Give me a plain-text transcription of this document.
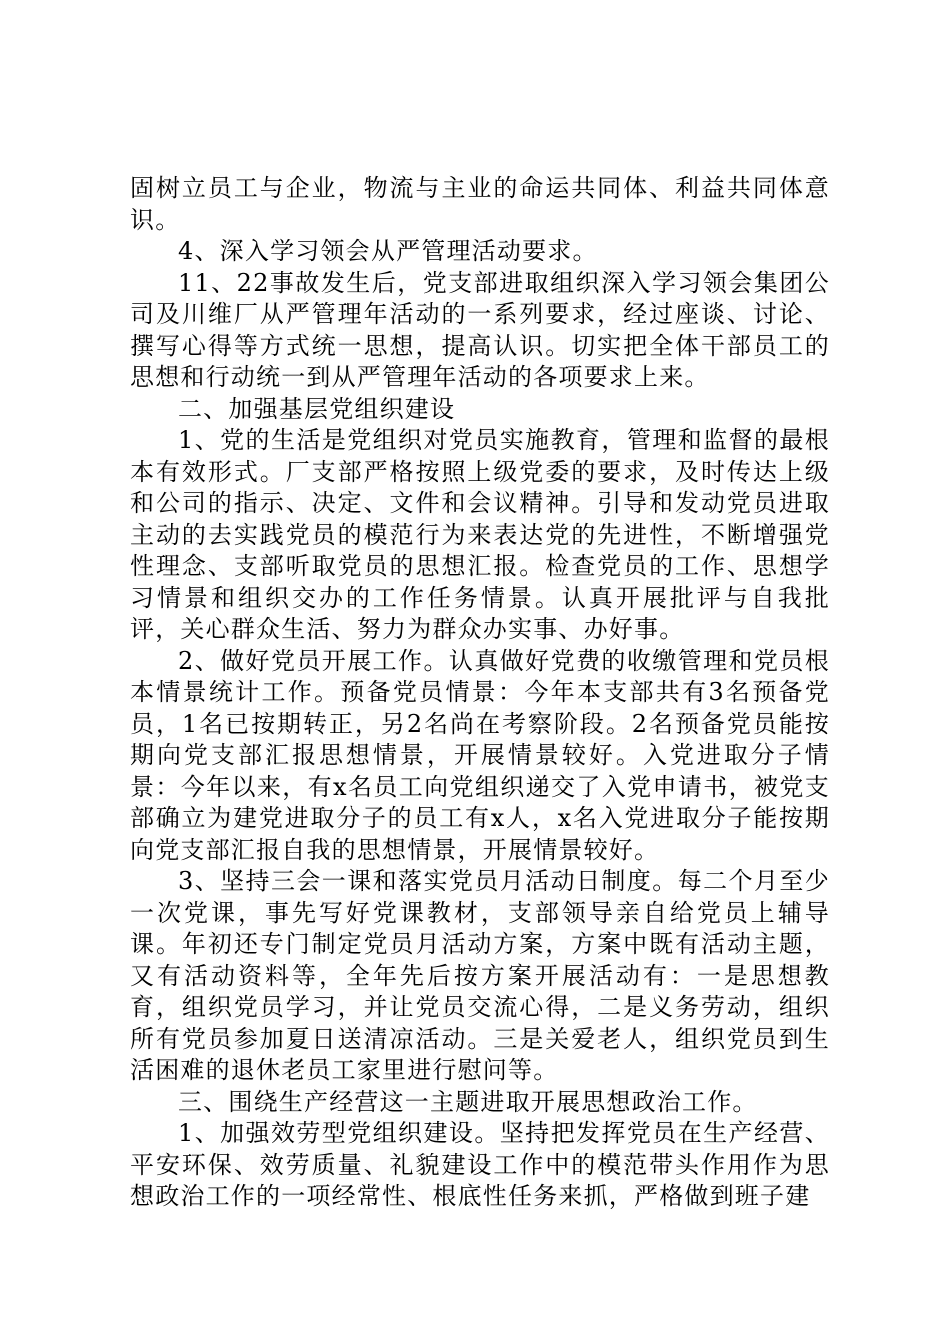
固树立员工与企业，物流与主业的命运共同体、利益共同体意识。

4、深入学习领会从严管理活动要求。

11、22事故发生后，党支部进取组织深入学习领会集团公司及川维厂从严管理年活动的一系列要求，经过座谈、讨论、撰写心得等方式统一思想，提高认识。切实把全体干部员工的思想和行动统一到从严管理年活动的各项要求上来。

二、加强基层党组织建设

1、党的生活是党组织对党员实施教育，管理和监督的最根本有效形式。厂支部严格按照上级党委的要求，及时传达上级和公司的指示、决定、文件和会议精神。引导和发动党员进取主动的去实践党员的模范行为来表达党的先进性，不断增强党性理念、支部听取党员的思想汇报。检查党员的工作、思想学习情景和组织交办的工作任务情景。认真开展批评与自我批评，关心群众生活、努力为群众办实事、办好事。

2、做好党员开展工作。认真做好党费的收缴管理和党员根本情景统计工作。预备党员情景：今年本支部共有3名预备党员，1名已按期转正，另2名尚在考察阶段。2名预备党员能按期向党支部汇报思想情景，开展情景较好。入党进取分子情景：今年以来，有x名员工向党组织递交了入党申请书，被党支部确立为建党进取分子的员工有x人，x名入党进取分子能按期向党支部汇报自我的思想情景，开展情景较好。

3、坚持三会一课和落实党员月活动日制度。每二个月至少一次党课，事先写好党课教材，支部领导亲自给党员上辅导课。年初还专门制定党员月活动方案，方案中既有活动主题，又有活动资料等，全年先后按方案开展活动有：一是思想教育，组织党员学习，并让党员交流心得，二是义务劳动，组织所有党员参加夏日送清凉活动。三是关爱老人，组织党员到生活困难的退休老员工家里进行慰问等。

三、围绕生产经营这一主题进取开展思想政治工作。

1、加强效劳型党组织建设。坚持把发挥党员在生产经营、平安环保、效劳质量、礼貌建设工作中的模范带头作用作为思想政治工作的一项经常性、根底性任务来抓，严格做到班子建
